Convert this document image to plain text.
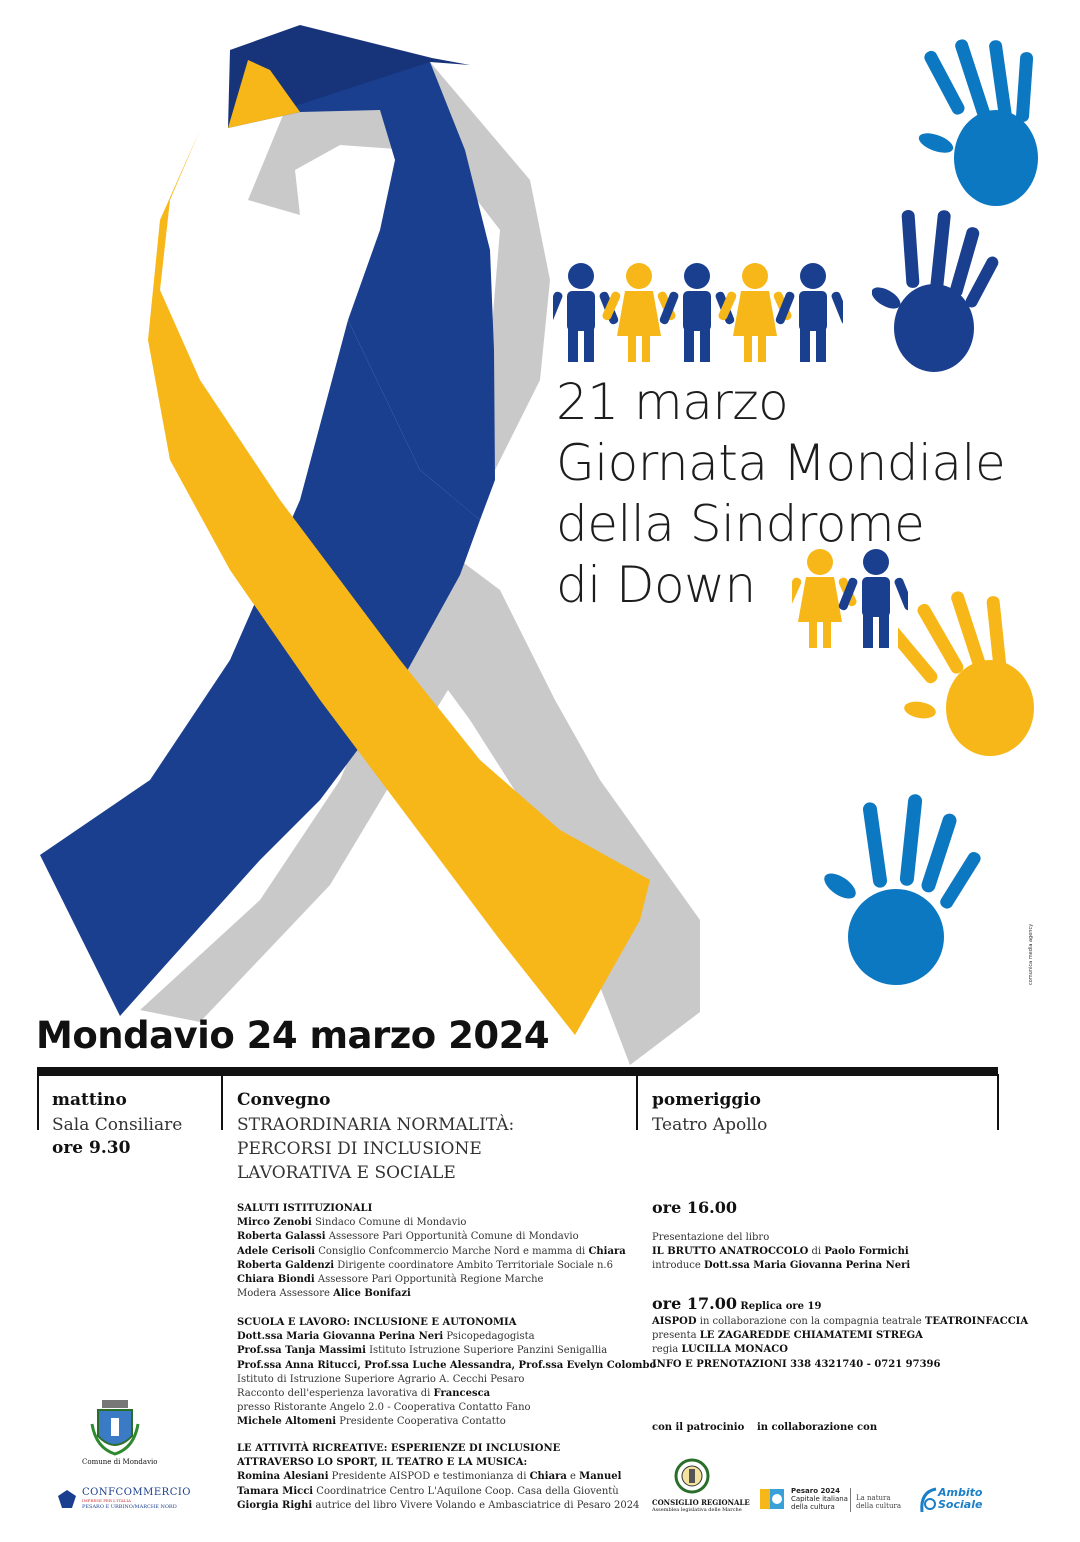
21 marzo
Giornata Mondiale
della Sindrome
di Down
comunica media agency
Mondavio 24 marzo 2024
mattino
Sala Consiliare
ore 9.30
Convegno
STRAORDINARIA NORMALITÀ:
PERCORSI DI INCLUSIONE
LAVORATIVA E SOCIALE
SALUTI ISTITUZIONALI
Mirco Zenobi Sindaco Comune di Mondavio
Roberta Galassi Assessore Pari Opportunità Comune di Mondavio
Adele Cerisoli Consiglio Confcommercio Marche Nord e mamma di Chiara
Roberta Galdenzi Dirigente coordinatore Ambito Territoriale Sociale n.6
Chiara Biondi Assessore Pari Opportunità Regione Marche
Modera Assessore Alice Bonifazi
SCUOLA E LAVORO: INCLUSIONE E AUTONOMIA
Dott.ssa Maria Giovanna Perina Neri Psicopedagogista
Prof.ssa Tanja Massimi Istituto Istruzione Superiore Panzini Senigallia
Prof.ssa Anna Ritucci, Prof.ssa Luche Alessandra, Prof.ssa Evelyn Colombo
Istituto di Istruzione Superiore Agrario A. Cecchi Pesaro
Racconto dell'esperienza lavorativa di Francesca
presso Ristorante Angelo 2.0 - Cooperativa Contatto Fano
Michele Altomeni Presidente Cooperativa Contatto
LE ATTIVITÀ RICREATIVE: ESPERIENZE DI INCLUSIONE
ATTRAVERSO LO SPORT, IL TEATRO E LA MUSICA:
Romina Alesiani Presidente AISPOD e testimonianza di Chiara e Manuel
Tamara Micci Coordinatrice Centro L'Aquilone Coop. Casa della Gioventù
Giorgia Righi autrice del libro Vivere Volando e Ambasciatrice di Pesaro 2024
pomeriggio
Teatro Apollo
ore 16.00
Presentazione del libro
IL BRUTTO ANATROCCOLO di Paolo Formichi
introduce Dott.ssa Maria Giovanna Perina Neri
ore 17.00 Replica ore 19
AISPOD in collaborazione con la compagnia teatrale TEATROINFACCIA
presenta LE ZAGAREDDE CHIAMATEMI STREGA
regia LUCILLA MONACO
INFO E PRENOTAZIONI 338 4321740 - 0721 97396
con il patrocinio in collaborazione con
Comune di Mondavio
CONFCOMMERCIO
IMPRESE PER L'ITALIA
PESARO E URBINO/MARCHE NORD	CONSIGLIO REGIONALE
Assemblea legislativa delle Marche
Pesaro 2024
Capitale italiana
della cultura
La natura
della cultura
Ambito
Sociale
